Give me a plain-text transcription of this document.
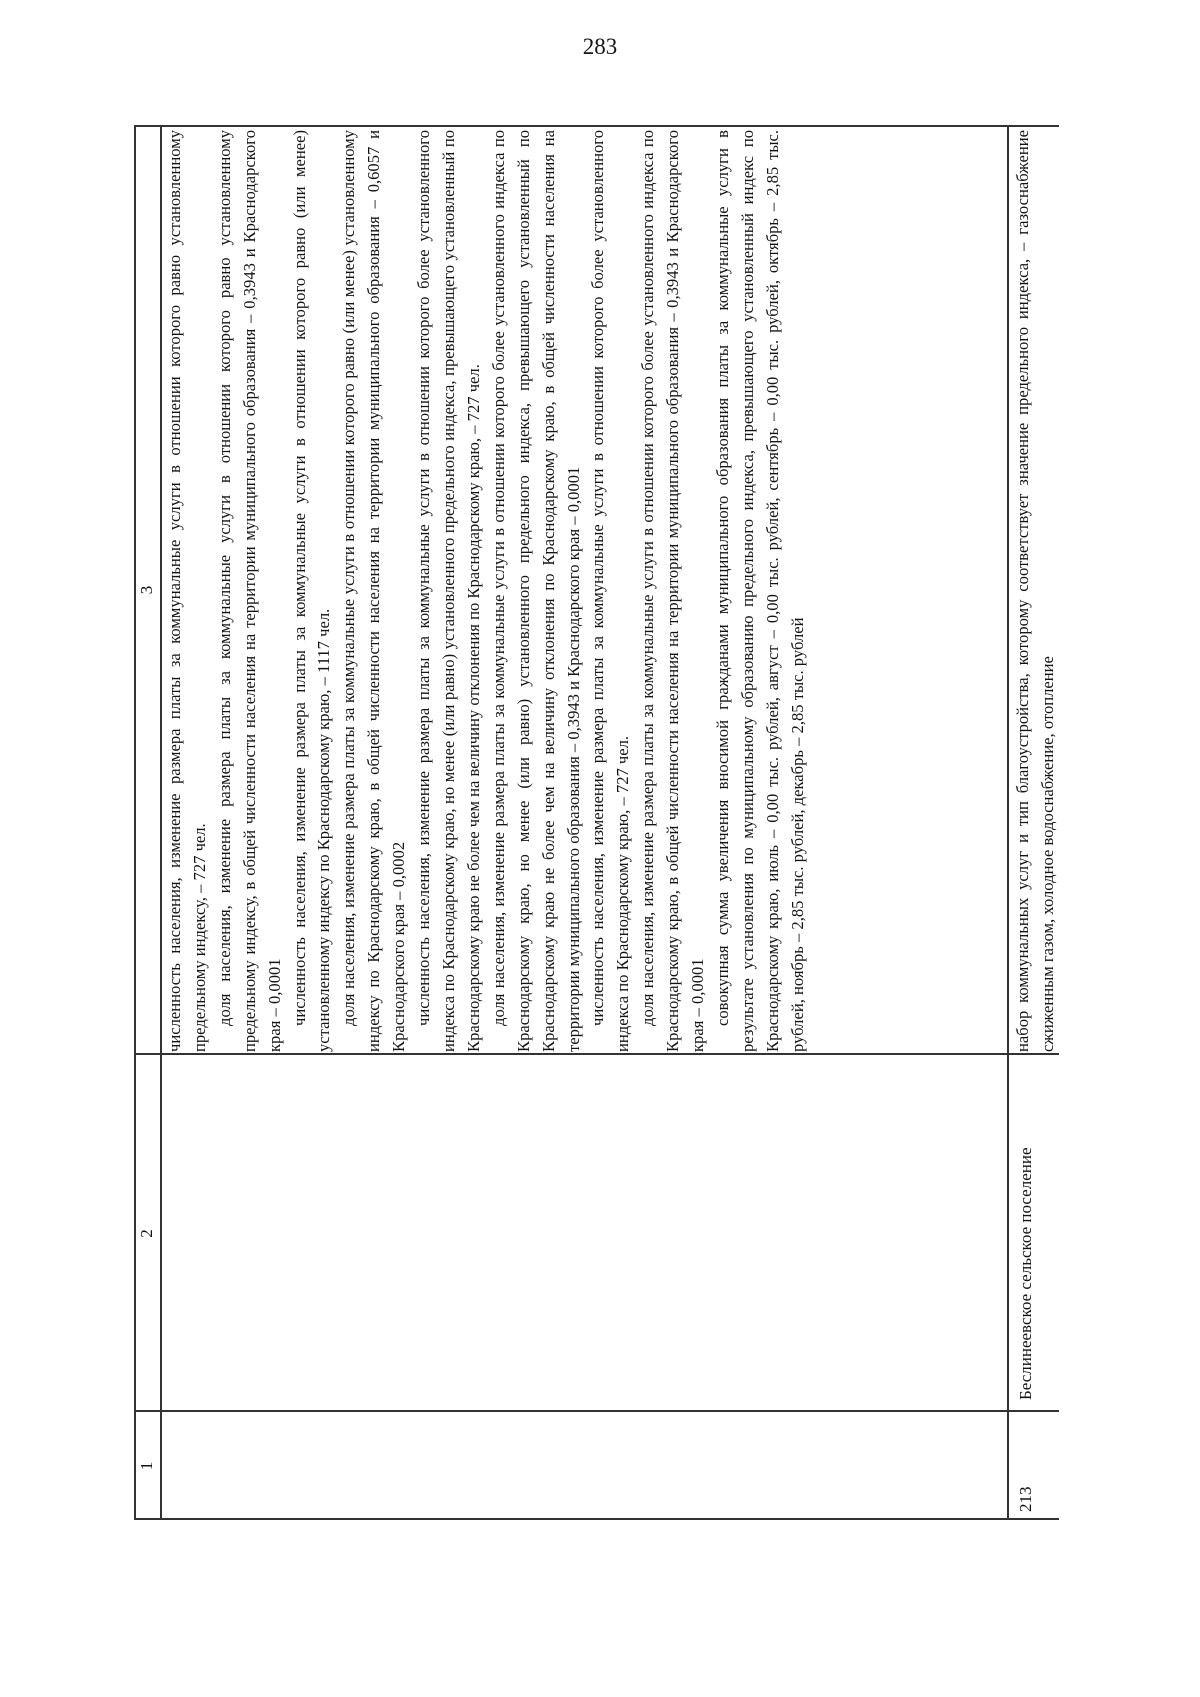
283
1
2
3 численность населения, изменение размера платы за коммунальные услуги в отношении которого равно установленному предельному индексу, – 727 чел. доля населения, изменение размера платы за коммунальные услуги в отношении которого равно установленному предельному индексу, в общей численности населения на территории муниципального образования – 0,3943 и Краснодарского края – 0,0001 численность населения, изменение размера платы за коммунальные услуги в отношении которого равно (или менее) установленному индексу по Краснодарскому краю, – 1117 чел. доля населения, изменение размера платы за коммунальные услуги в отношении которого равно (или менее) установленному индексу по Краснодарскому краю, в общей численности населения на территории муниципального образования – 0,6057 и Краснодарского края – 0,0002 численность населения, изменение размера платы за коммунальные услуги в отношении которого более установленного индекса по Краснодарскому краю, но менее (или равно) установленного предельного индекса, превышающего установленный по Краснодарскому краю не более чем на величину отклонения по Краснодарскому краю, – 727 чел. доля населения, изменение размера платы за коммунальные услуги в отношении которого более установленного индекса по Краснодарскому краю, но менее (или равно) установленного предельного индекса, превышающего установленный по Краснодарскому краю не более чем на величину отклонения по Краснодарскому краю, в общей численности населения на территории муниципального образования – 0,3943 и Краснодарского края – 0,0001 численность населения, изменение размера платы за коммунальные услуги в отношении которого более установленного индекса по Краснодарскому краю, – 727 чел. доля населения, изменение размера платы за коммунальные услуги в отношении которого более установленного индекса по Краснодарскому краю, в общей численности населения на территории муниципального образования – 0,3943 и Краснодарского края – 0,0001 совокупная сумма увеличения вносимой гражданами муниципального образования платы за коммунальные услуги в результате установления по муниципальному образованию предельного индекса, превышающего установленный индекс по Краснодарскому краю, июль – 0,00 тыс. рублей, август – 0,00 тыс. рублей, сентябрь – 0,00 тыс. рублей, октябрь – 2,85 тыс. рублей, ноябрь – 2,85 тыс. рублей, декабрь – 2,85 тыс. рублей

213
Беслинеевское сельское поселение

набор коммунальных услуг и тип благоустройства, которому соответствует значение предельного индекса, – газоснабжение сжиженным газом, холодное водоснабжение, отопление
